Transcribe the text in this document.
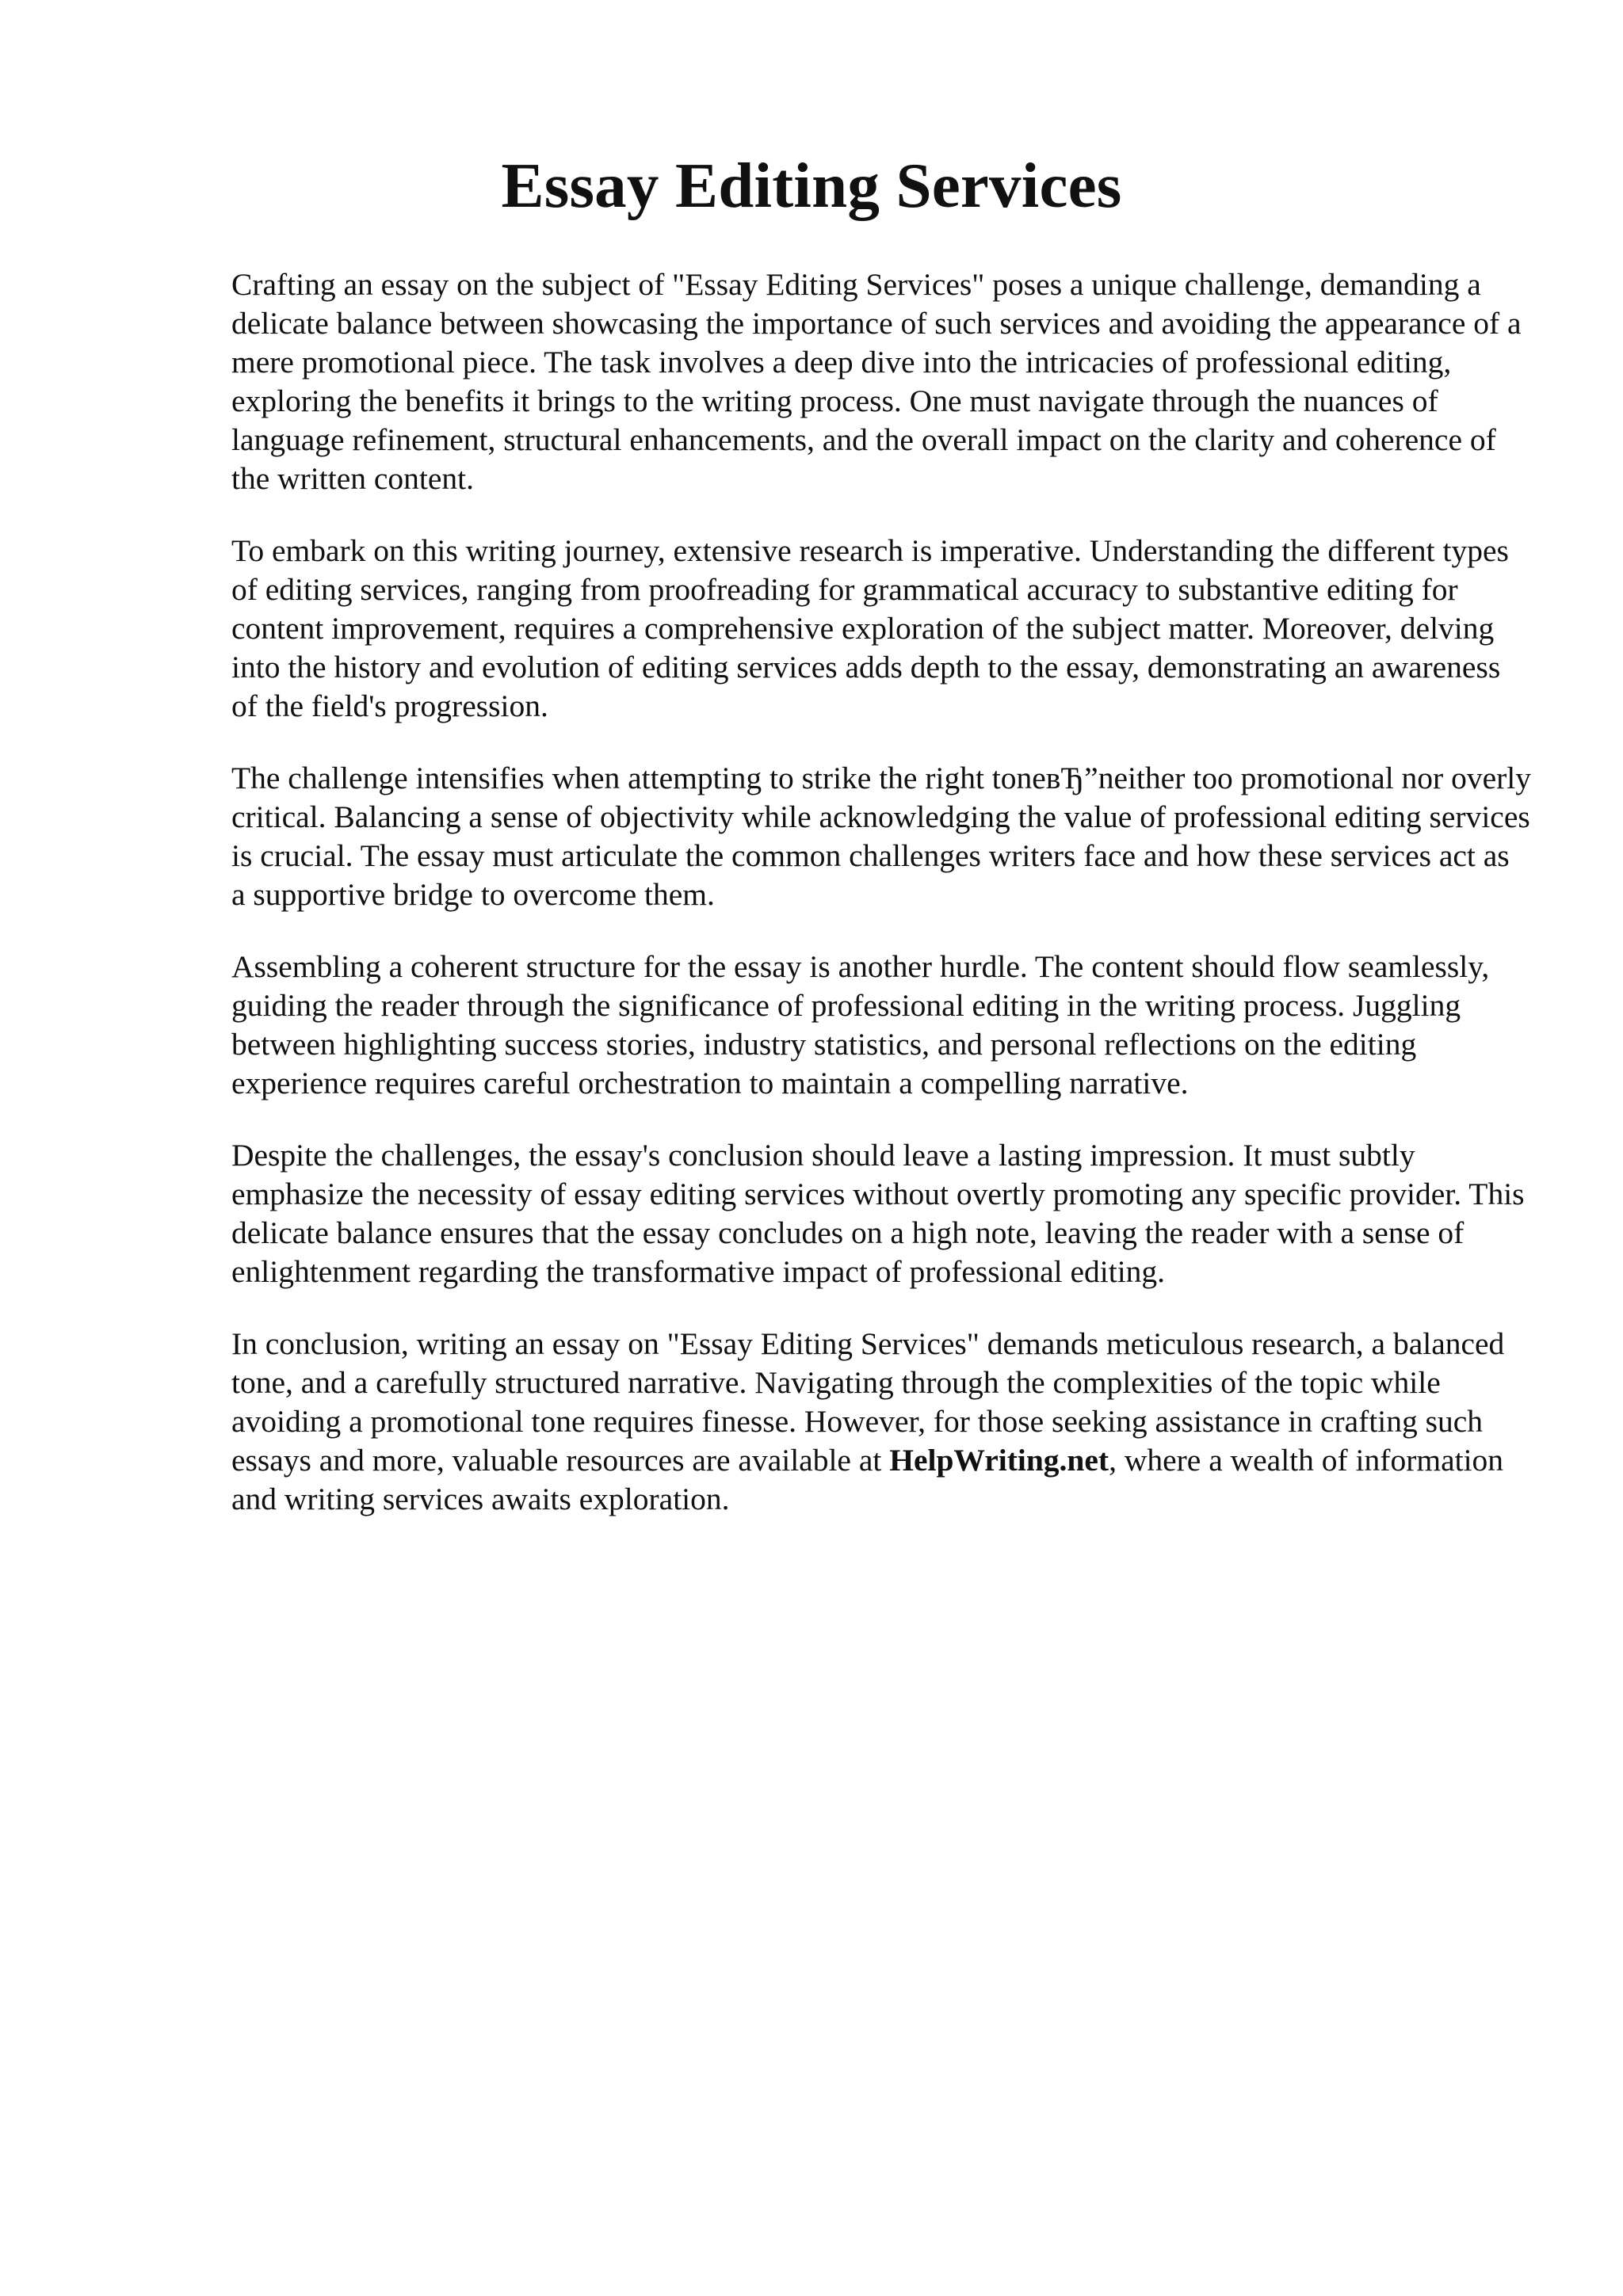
Essay Editing Services

Crafting an essay on the subject of "Essay Editing Services" poses a unique challenge, demanding a delicate balance between showcasing the importance of such services and avoiding the appearance of a mere promotional piece. The task involves a deep dive into the intricacies of professional editing, exploring the benefits it brings to the writing process. One must navigate through the nuances of language refinement, structural enhancements, and the overall impact on the clarity and coherence of the written content.

To embark on this writing journey, extensive research is imperative. Understanding the different types of editing services, ranging from proofreading for grammatical accuracy to substantive editing for content improvement, requires a comprehensive exploration of the subject matter. Moreover, delving into the history and evolution of editing services adds depth to the essay, demonstrating an awareness of the field's progression.

The challenge intensifies when attempting to strike the right toneвЂ”neither too promotional nor overly critical. Balancing a sense of objectivity while acknowledging the value of professional editing services is crucial. The essay must articulate the common challenges writers face and how these services act as a supportive bridge to overcome them.

Assembling a coherent structure for the essay is another hurdle. The content should flow seamlessly, guiding the reader through the significance of professional editing in the writing process. Juggling between highlighting success stories, industry statistics, and personal reflections on the editing experience requires careful orchestration to maintain a compelling narrative.

Despite the challenges, the essay's conclusion should leave a lasting impression. It must subtly emphasize the necessity of essay editing services without overtly promoting any specific provider. This delicate balance ensures that the essay concludes on a high note, leaving the reader with a sense of enlightenment regarding the transformative impact of professional editing.

In conclusion, writing an essay on "Essay Editing Services" demands meticulous research, a balanced tone, and a carefully structured narrative. Navigating through the complexities of the topic while avoiding a promotional tone requires finesse. However, for those seeking assistance in crafting such essays and more, valuable resources are available at HelpWriting.net, where a wealth of information and writing services awaits exploration.
